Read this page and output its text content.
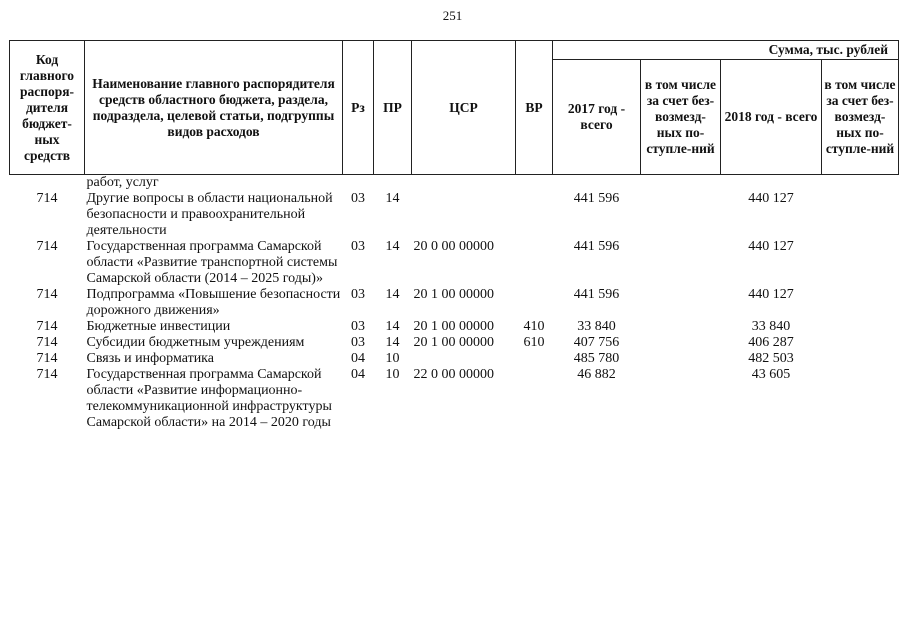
251
Код главного распоря-дителя бюджет-ных средств	Наименование главного распорядителя средств областного бюджета, раздела, подраздела, целевой статьи, подгруппы видов расходов	Рз	ПР	ЦСР	ВР	Сумма, тыс. рублей			
						2017 год - всего	в том числе за счет без-возмезд-ных по-ступле-ний	2018 год - всего	в том числе за счет без-возмезд-ных по-ступле-ний
	работ, услуг								
714	Другие вопросы в области национальной безопасности и правоохранительной деятельности	03	14			441 596		440 127	
714	Государственная программа Самарской области «Развитие транспортной системы Самарской области (2014 – 2025 годы)»	03	14	20 0 00 00000		441 596		440 127	
714	Подпрограмма «Повышение безопасности дорожного движения»	03	14	20 1 00 00000		441 596		440 127	
714	Бюджетные инвестиции	03	14	20 1 00 00000	410	33 840		33 840	
714	Субсидии бюджетным учреждениям	03	14	20 1 00 00000	610	407 756		406 287	
714	Связь и информатика	04	10			485 780		482 503	
714	Государственная программа Самарской области «Развитие информационно-телекоммуникационной инфраструктуры Самарской области» на 2014 – 2020 годы	04	10	22 0 00 00000		46 882		43 605	
